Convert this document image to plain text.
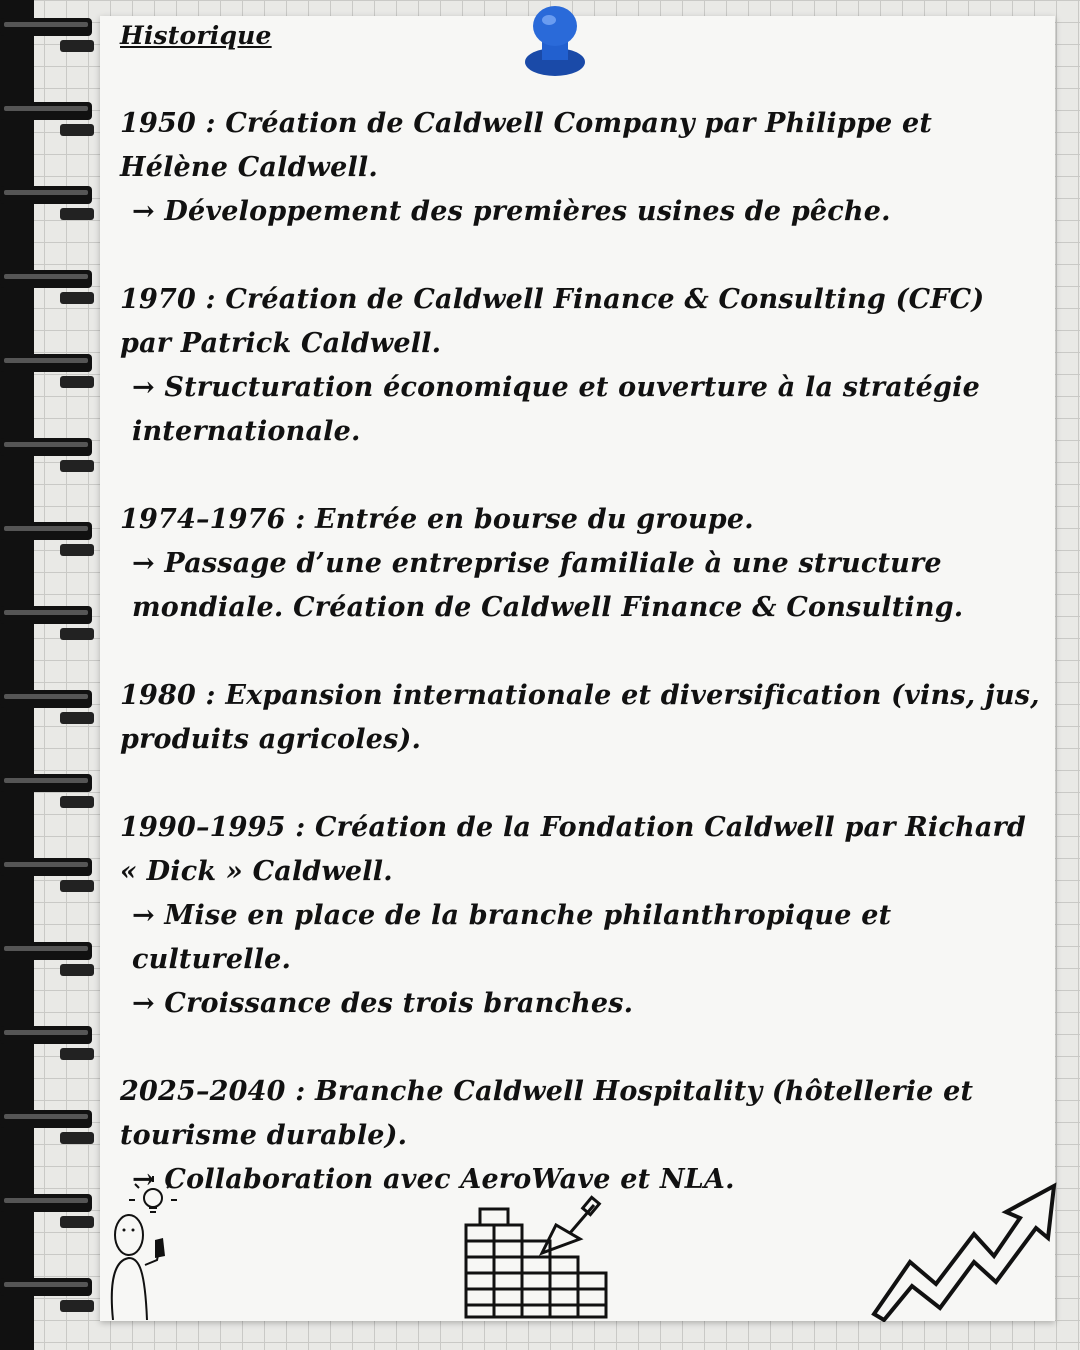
Historique
1950 : Création de Caldwell Company par Philippe et Hélène Caldwell.
→ Développement des premières usines de pêche.
1970 : Création de Caldwell Finance & Consulting (CFC) par Patrick Caldwell.
→ Structuration économique et ouverture à la stratégie internationale.
1974–1976 : Entrée en bourse du groupe.
→ Passage d’une entreprise familiale à une structure mondiale. Création de Caldwell Finance & Consulting.
1980 : Expansion internationale et diversification (vins, jus, produits agricoles).
1990–1995 : Création de la Fondation Caldwell par Richard « Dick » Caldwell.
→ Mise en place de la branche philanthropique et culturelle.
→ Croissance des trois branches.
2025–2040 : Branche Caldwell Hospitality (hôtellerie et tourisme durable).
→ Collaboration avec AeroWave et NLA.
